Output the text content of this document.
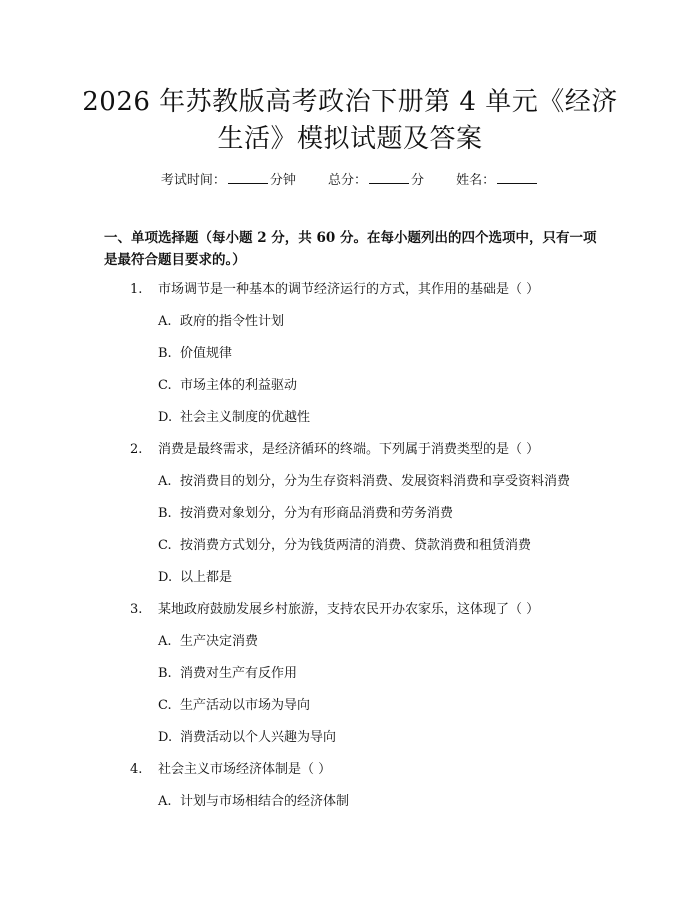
2026 年苏教版高考政治下册第 4 单元《经济
生活》模拟试题及答案
考试时间：	分钟 总分：	分 姓名：

一、单项选择题（每小题 2 分，共 60 分。在每小题列出的四个选项中，只有一项是最符合题目要求的。）

1. 市场调节是一种基本的调节经济运行的方式，其作用的基础是（ ）
A. 政府的指令性计划
B. 价值规律
C. 市场主体的利益驱动
D. 社会主义制度的优越性
2. 消费是最终需求，是经济循环的终端。下列属于消费类型的是（ ）
A. 按消费目的划分，分为生存资料消费、发展资料消费和享受资料消费
B. 按消费对象划分，分为有形商品消费和劳务消费
C. 按消费方式划分，分为钱货两清的消费、贷款消费和租赁消费
D. 以上都是
3. 某地政府鼓励发展乡村旅游，支持农民开办农家乐，这体现了（ ）
A. 生产决定消费
B. 消费对生产有反作用
C. 生产活动以市场为导向
D. 消费活动以个人兴趣为导向
4. 社会主义市场经济体制是（ ）
A. 计划与市场相结合的经济体制
